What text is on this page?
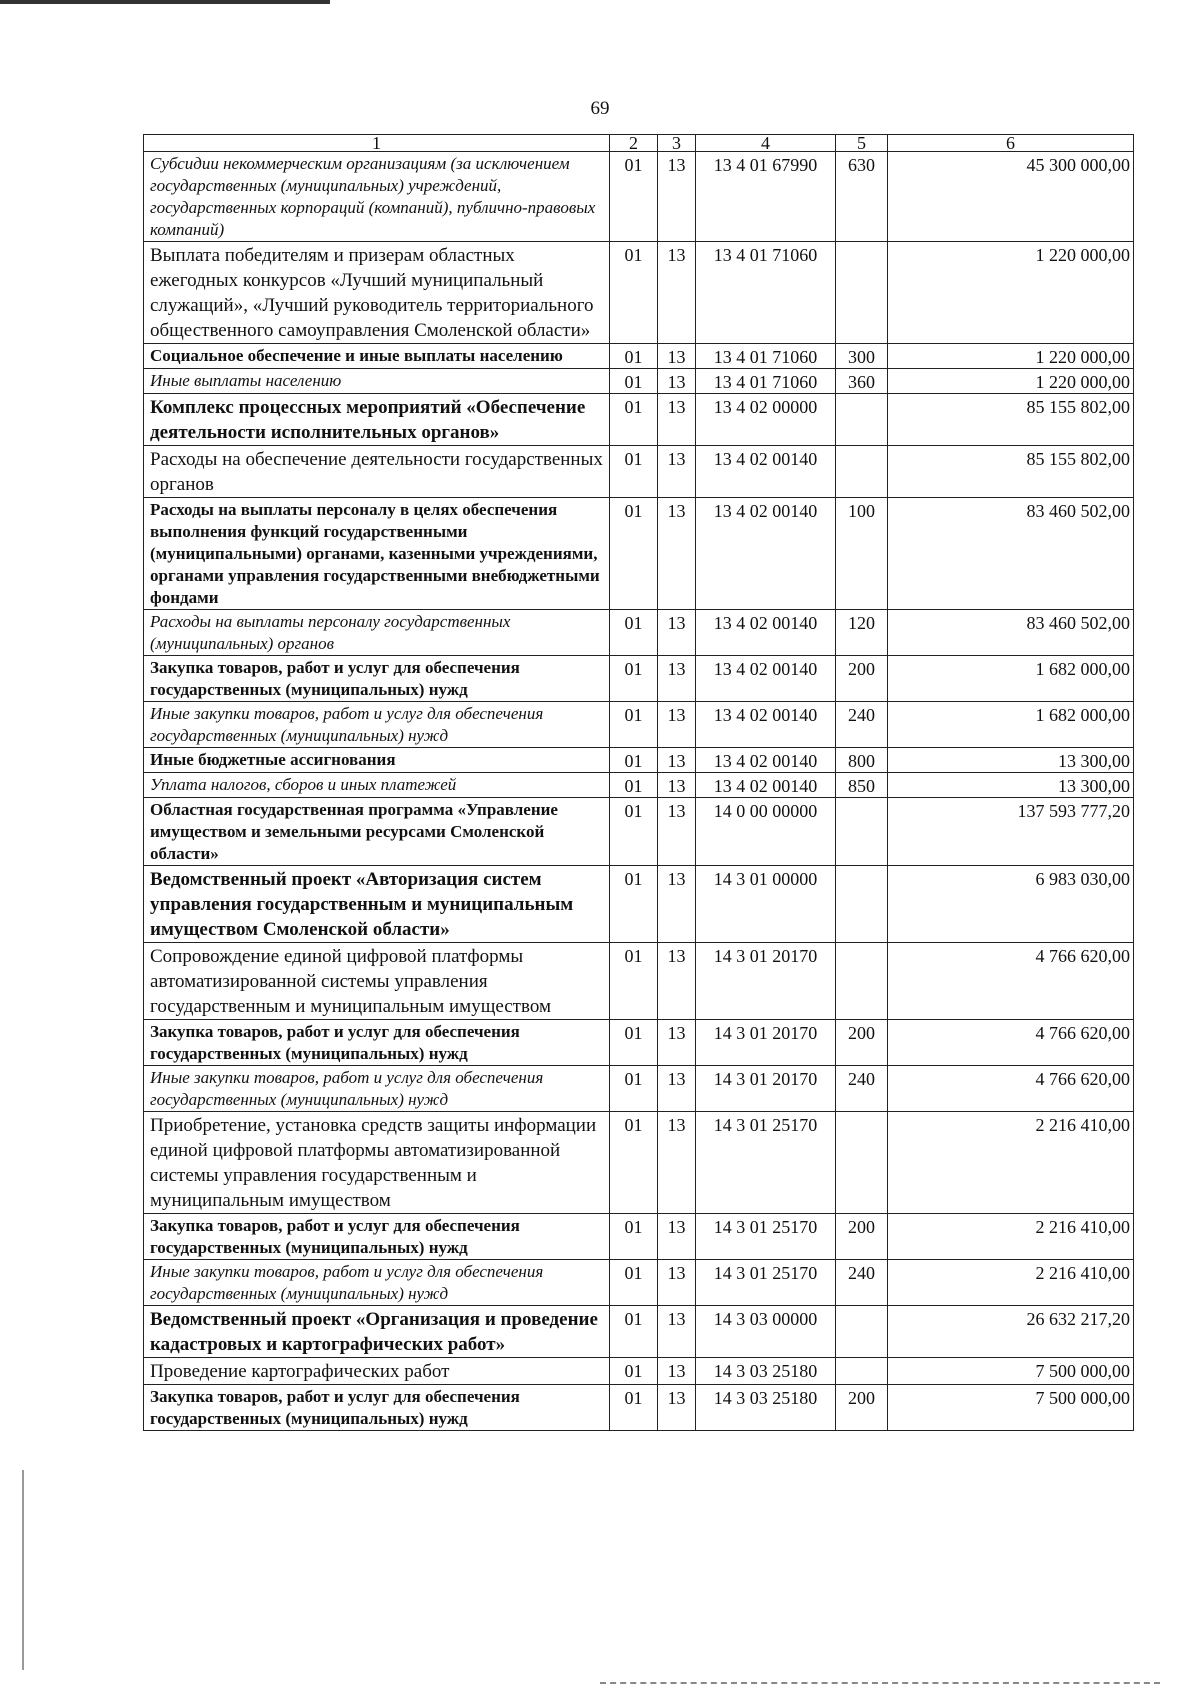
69
1	2	3	4	5	6
Субсидии некоммерческим организациям (за исключением государственных (муниципальных) учреждений, государственных корпораций (компаний), публично-правовых компаний)	01	13	13 4 01 67990	630	45 300 000,00
Выплата победителям и призерам областных ежегодных конкурсов «Лучший муниципальный служащий», «Лучший руководитель территориального общественного самоуправления Смоленской области»	01	13	13 4 01 71060		1 220 000,00
Социальное обеспечение и иные выплаты населению	01	13	13 4 01 71060	300	1 220 000,00
Иные выплаты населению	01	13	13 4 01 71060	360	1 220 000,00
Комплекс процессных мероприятий «Обеспечение деятельности исполнительных органов»	01	13	13 4 02 00000		85 155 802,00
Расходы на обеспечение деятельности государственных органов	01	13	13 4 02 00140		85 155 802,00
Расходы на выплаты персоналу в целях обеспечения выполнения функций государственными (муниципальными) органами, казенными учреждениями, органами управления государственными внебюджетными фондами	01	13	13 4 02 00140	100	83 460 502,00
Расходы на выплаты персоналу государственных (муниципальных) органов	01	13	13 4 02 00140	120	83 460 502,00
Закупка товаров, работ и услуг для обеспечения государственных (муниципальных) нужд	01	13	13 4 02 00140	200	1 682 000,00
Иные закупки товаров, работ и услуг для обеспечения государственных (муниципальных) нужд	01	13	13 4 02 00140	240	1 682 000,00
Иные бюджетные ассигнования	01	13	13 4 02 00140	800	13 300,00
Уплата налогов, сборов и иных платежей	01	13	13 4 02 00140	850	13 300,00
Областная государственная программа «Управление имуществом и земельными ресурсами Смоленской области»	01	13	14 0 00 00000		137 593 777,20
Ведомственный проект «Авторизация систем управления государственным и муниципальным имуществом Смоленской области»	01	13	14 3 01 00000		6 983 030,00
Сопровождение единой цифровой платформы автоматизированной системы управления государственным и муниципальным имуществом	01	13	14 3 01 20170		4 766 620,00
Закупка товаров, работ и услуг для обеспечения государственных (муниципальных) нужд	01	13	14 3 01 20170	200	4 766 620,00
Иные закупки товаров, работ и услуг для обеспечения государственных (муниципальных) нужд	01	13	14 3 01 20170	240	4 766 620,00
Приобретение, установка средств защиты информации единой цифровой платформы автоматизированной системы управления государственным и муниципальным имуществом	01	13	14 3 01 25170		2 216 410,00
Закупка товаров, работ и услуг для обеспечения государственных (муниципальных) нужд	01	13	14 3 01 25170	200	2 216 410,00
Иные закупки товаров, работ и услуг для обеспечения государственных (муниципальных) нужд	01	13	14 3 01 25170	240	2 216 410,00
Ведомственный проект «Организация и проведение кадастровых и картографических работ»	01	13	14 3 03 00000		26 632 217,20
Проведение картографических работ	01	13	14 3 03 25180		7 500 000,00
Закупка товаров, работ и услуг для обеспечения государственных (муниципальных) нужд	01	13	14 3 03 25180	200	7 500 000,00
